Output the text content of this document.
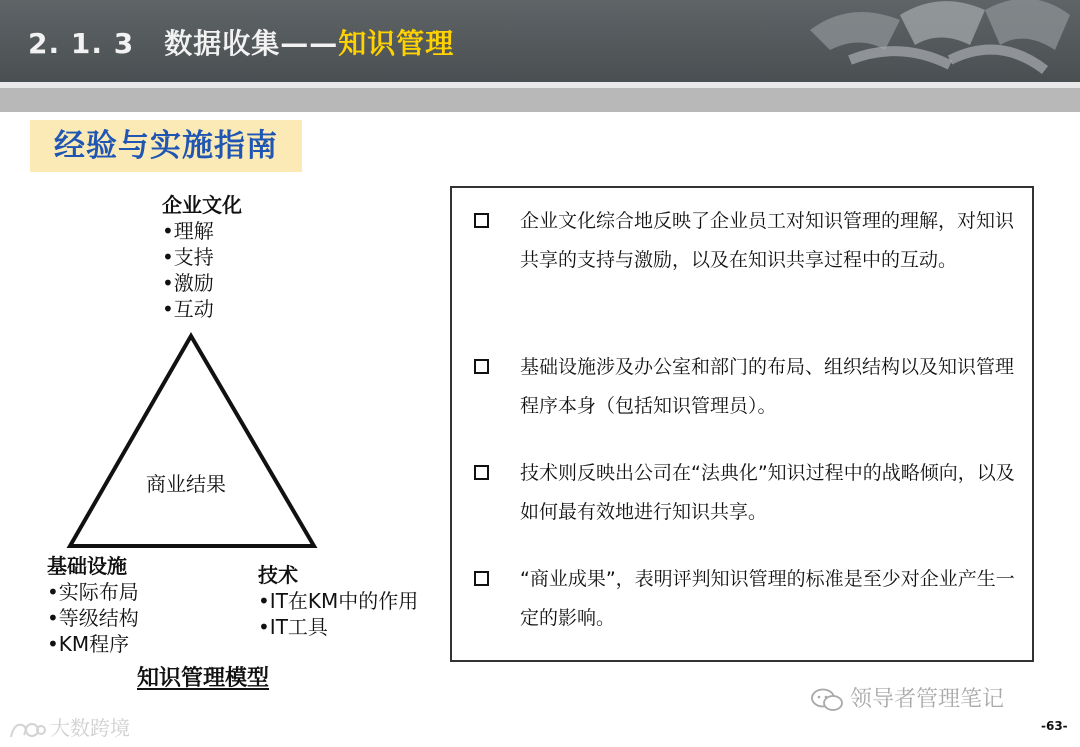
2. 1. 3 数据收集——知识管理
经验与实施指南
企业文化
• 理解
• 支持
• 激励
• 互动
商业结果
基础设施
• 实际布局
• 等级结构
• KM程序
技术
• IT在KM中的作用
• IT工具
知识管理模型
企业文化综合地反映了企业员工对知识管理的理解，对知识共享的支持与激励，以及在知识共享过程中的互动。
基础设施涉及办公室和部门的布局、组织结构以及知识管理程序本身（包括知识管理员）。
技术则反映出公司在“法典化”知识过程中的战略倾向，以及如何最有效地进行知识共享。
“商业成果”，表明评判知识管理的标准是至少对企业产生一定的影响。
领导者管理笔记
大数跨境	-63-
